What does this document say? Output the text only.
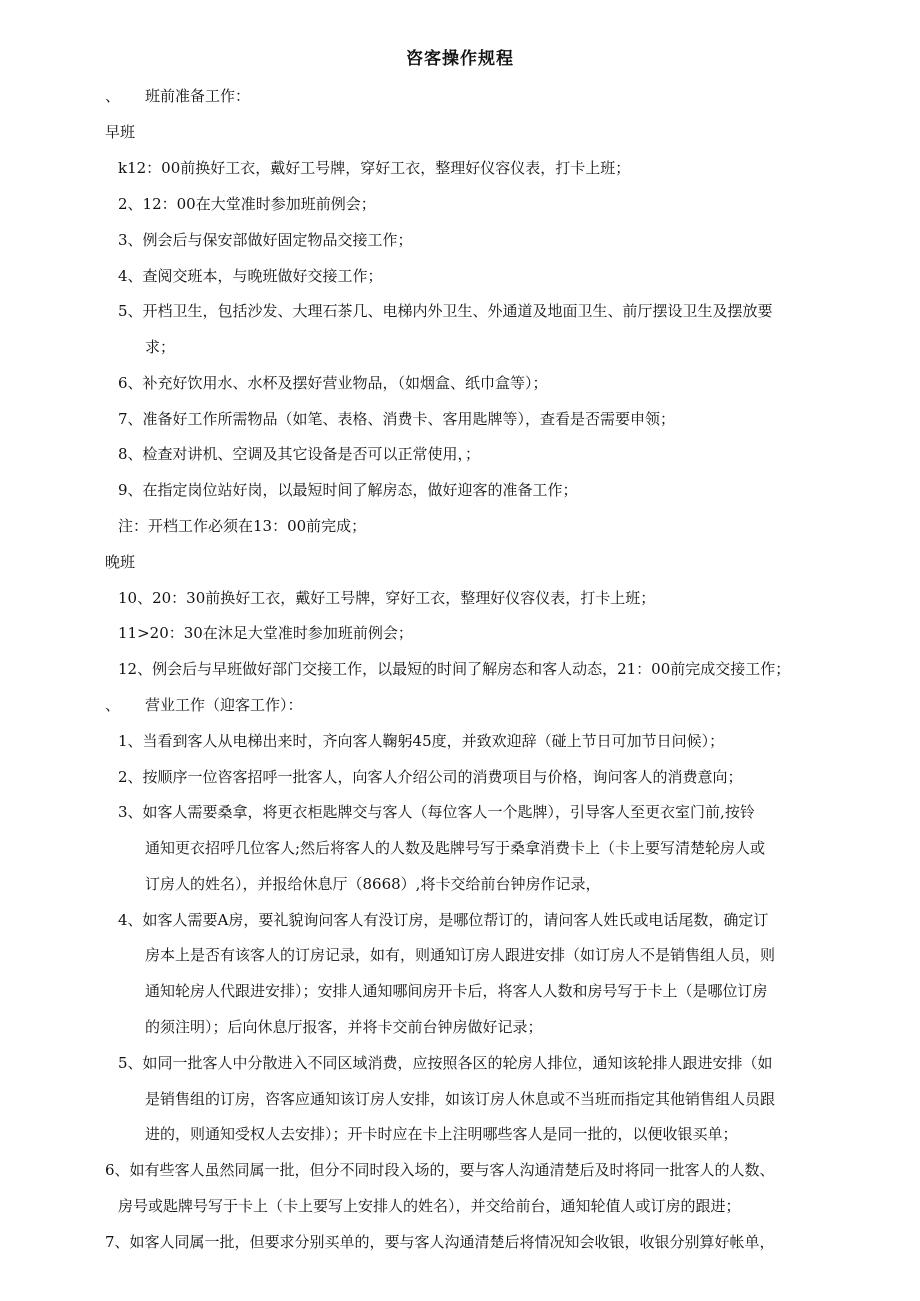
咨客操作规程
、 班前准备工作：
早班
k12：00前换好工衣，戴好工号牌，穿好工衣，整理好仪容仪表，打卡上班；
2、12：00在大堂准时参加班前例会；
3、例会后与保安部做好固定物品交接工作；
4、查阅交班本，与晚班做好交接工作；
5、开档卫生，包括沙发、大理石茶几、电梯内外卫生、外通道及地面卫生、前厅摆设卫生及摆放要
求；
6、补充好饮用水、水杯及摆好营业物品，（如烟盒、纸巾盒等）；
7、准备好工作所需物品（如笔、表格、消费卡、客用匙牌等），查看是否需要申领；
8、检查对讲机、空调及其它设备是否可以正常使用，；
9、在指定岗位站好岗，以最短时间了解房态，做好迎客的准备工作；
注：开档工作必须在13：00前完成；
晚班
10、20：30前换好工衣，戴好工号牌，穿好工衣，整理好仪容仪表，打卡上班；
11>20：30在沐足大堂准时参加班前例会；
12、例会后与早班做好部门交接工作，以最短的时间了解房态和客人动态，21：00前完成交接工作；
、 营业工作（迎客工作）：
1、当看到客人从电梯出来时，齐向客人鞠躬45度，并致欢迎辞（碰上节日可加节日问候）；
2、按顺序一位咨客招呼一批客人，向客人介绍公司的消费项目与价格，询问客人的消费意向；
3、如客人需要桑拿，将更衣柜匙牌交与客人（每位客人一个匙牌），引导客人至更衣室门前,按铃
通知更衣招呼几位客人;然后将客人的人数及匙牌号写于桑拿消费卡上（卡上要写清楚轮房人或
订房人的姓名），并报给休息厅（8668）,将卡交给前台钟房作记录，
4、如客人需要A房，要礼貌询问客人有没订房，是哪位帮订的，请问客人姓氏或电话尾数，确定订
房本上是否有该客人的订房记录，如有，则通知订房人跟进安排（如订房人不是销售组人员，则
通知轮房人代跟进安排）；安排人通知哪间房开卡后，将客人人数和房号写于卡上（是哪位订房
的须注明）；后向休息厅报客，并将卡交前台钟房做好记录；
5、如同一批客人中分散进入不同区域消费，应按照各区的轮房人排位，通知该轮排人跟进安排（如
是销售组的订房，咨客应通知该订房人安排，如该订房人休息或不当班而指定其他销售组人员跟
进的，则通知受权人去安排）；开卡时应在卡上注明哪些客人是同一批的，以便收银买单；
6、如有些客人虽然同属一批，但分不同时段入场的，要与客人沟通清楚后及时将同一批客人的人数、
房号或匙牌号写于卡上（卡上要写上安排人的姓名），并交给前台，通知轮值人或订房的跟进；
7、如客人同属一批，但要求分别买单的，要与客人沟通清楚后将情况知会收银，收银分别算好帐单，
